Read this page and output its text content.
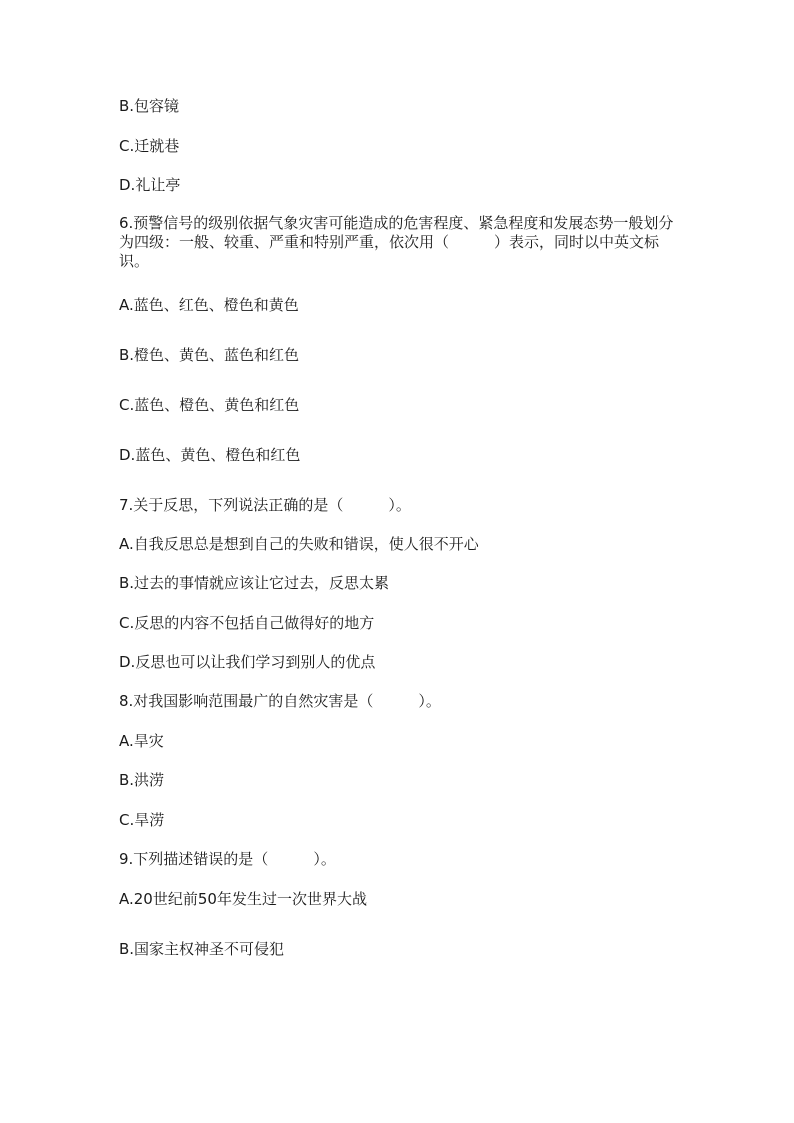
B.包容镜
C.迁就巷
D.礼让亭
6.预警信号的级别依据气象灾害可能造成的危害程度、紧急程度和发展态势一般划分为四级：一般、较重、严重和特别严重，依次用（　　　）表示，同时以中英文标识。
A.蓝色、红色、橙色和黄色
B.橙色、黄色、蓝色和红色
C.蓝色、橙色、黄色和红色
D.蓝色、黄色、橙色和红色
7.关于反思，下列说法正确的是（　　　）。
A.自我反思总是想到自己的失败和错误，使人很不开心
B.过去的事情就应该让它过去，反思太累
C.反思的内容不包括自己做得好的地方
D.反思也可以让我们学习到别人的优点
8.对我国影响范围最广的自然灾害是（　　　）。
A.旱灾
B.洪涝
C.旱涝
9.下列描述错误的是（　　　）。
A.20世纪前50年发生过一次世界大战
B.国家主权神圣不可侵犯
